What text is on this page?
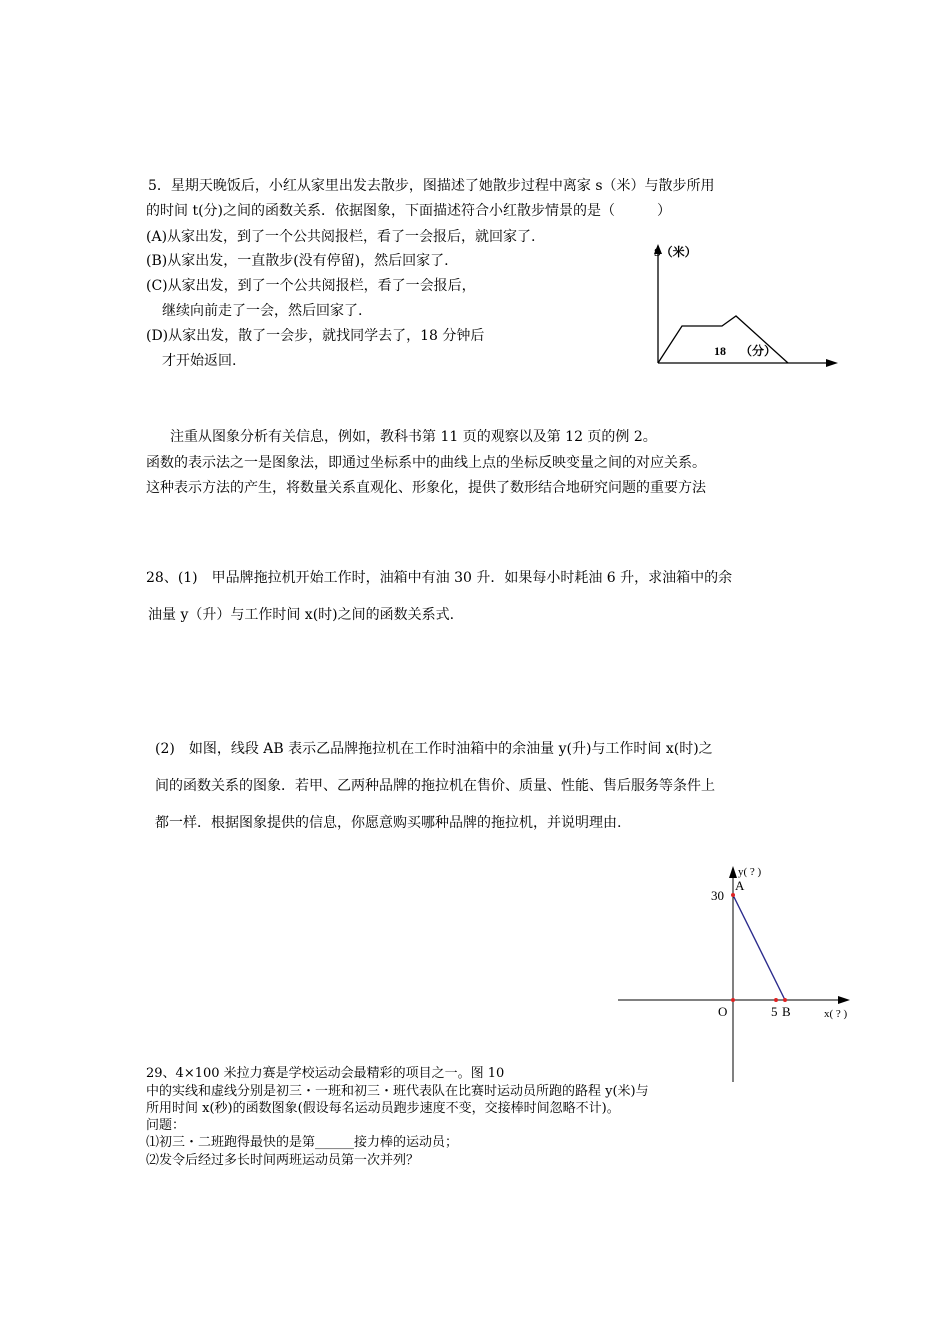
5．星期天晚饭后，小红从家里出发去散步，图描述了她散步过程中离家 s（米）与散步所用
的时间 t(分)之间的函数关系．依据图象，下面描述符合小红散步情景的是（　　　）
(A)从家出发，到了一个公共阅报栏，看了一会报后，就回家了.
(B)从家出发，一直散步(没有停留)，然后回家了.
(C)从家出发，到了一个公共阅报栏，看了一会报后，
继续向前走了一会，然后回家了.
(D)从家出发，散了一会步，就找同学去了，18 分钟后
才开始返回.
S（米）
18 （分）
注重从图象分析有关信息，例如，教科书第 11 页的观察以及第 12 页的例 2。
函数的表示法之一是图象法，即通过坐标系中的曲线上点的坐标反映变量之间的对应关系。
这种表示方法的产生，将数量关系直观化、形象化，提供了数形结合地研究问题的重要方法
28、(1)　甲品牌拖拉机开始工作时，油箱中有油 30 升．如果每小时耗油 6 升，求油箱中的余
油量 y（升）与工作时间 x(时)之间的函数关系式.
(2)　如图，线段 AB 表示乙品牌拖拉机在工作时油箱中的余油量 y(升)与工作时间 x(时)之
间的函数关系的图象．若甲、乙两种品牌的拖拉机在售价、质量、性能、售后服务等条件上
都一样．根据图象提供的信息，你愿意购买哪种品牌的拖拉机，并说明理由.
y( ? )
A
30
O	5 B	x( ? )
29、4×100 米拉力赛是学校运动会最精彩的项目之一。图 10
中的实线和虚线分别是初三・一班和初三・班代表队在比赛时运动员所跑的路程 y(米)与
所用时间 x(秒)的函数图象(假设每名运动员跑步速度不变，交接棒时间忽略不计)。
问题：
⑴初三・二班跑得最快的是第______接力棒的运动员；
⑵发令后经过多长时间两班运动员第一次并列？
